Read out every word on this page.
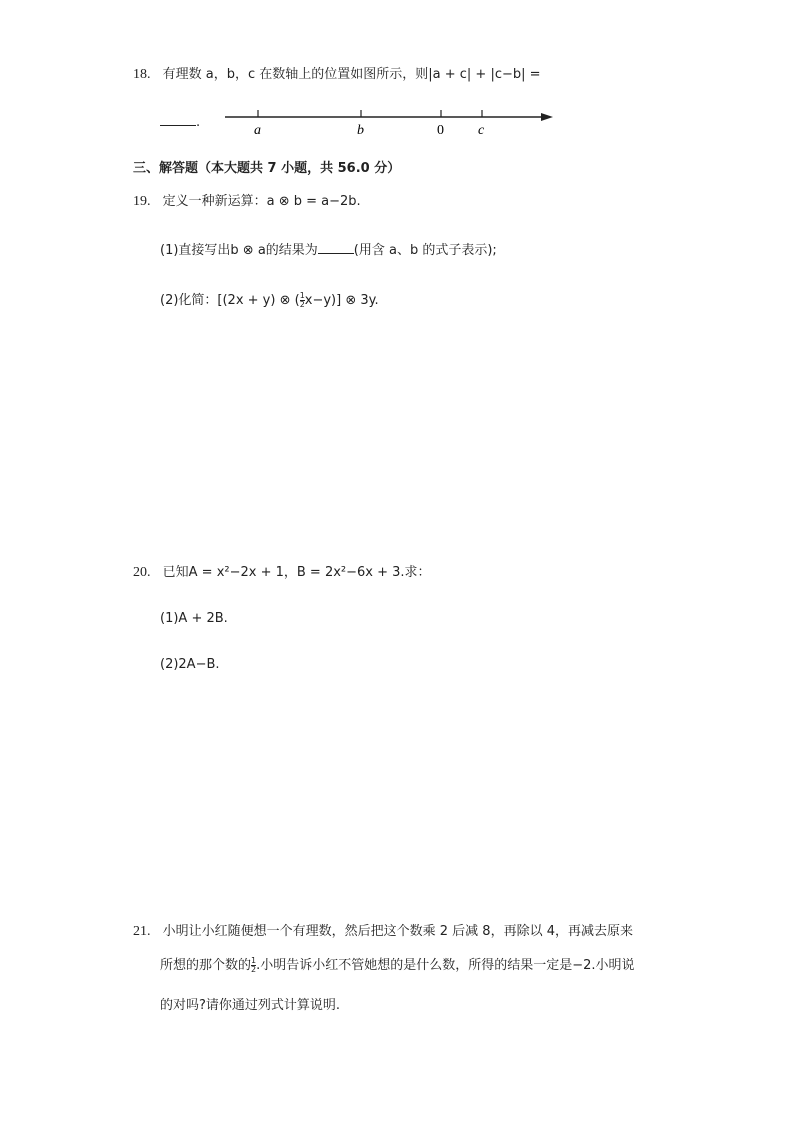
18. 有理数 a，b，c 在数轴上的位置如图所示，则|a + c| + |c−b| =
.
a	b	0 c
三、解答题（本大题共 7 小题，共 56.0 分）
19. 定义一种新运算：a ⊗ b = a−2b.
(1)直接写出b ⊗ a的结果为	(用含 a、b 的式子表示);
(2)化简：[(2x + y) ⊗ ( $\frac{1}{2} x-y$)] ⊗ 3y.
20. 已知A = x²−2x + 1，B = 2x²−6x + 3.求：
(1)A + 2B.
(2)2A−B.
21. 小明让小红随便想一个有理数，然后把这个数乘 2 后减 8，再除以 4，再减去原来
所想的那个数的 $\frac{1}{2}$ .小明告诉小红不管她想的是什么数，所得的结果一定是−2.小明说
的对吗?请你通过列式计算说明.
